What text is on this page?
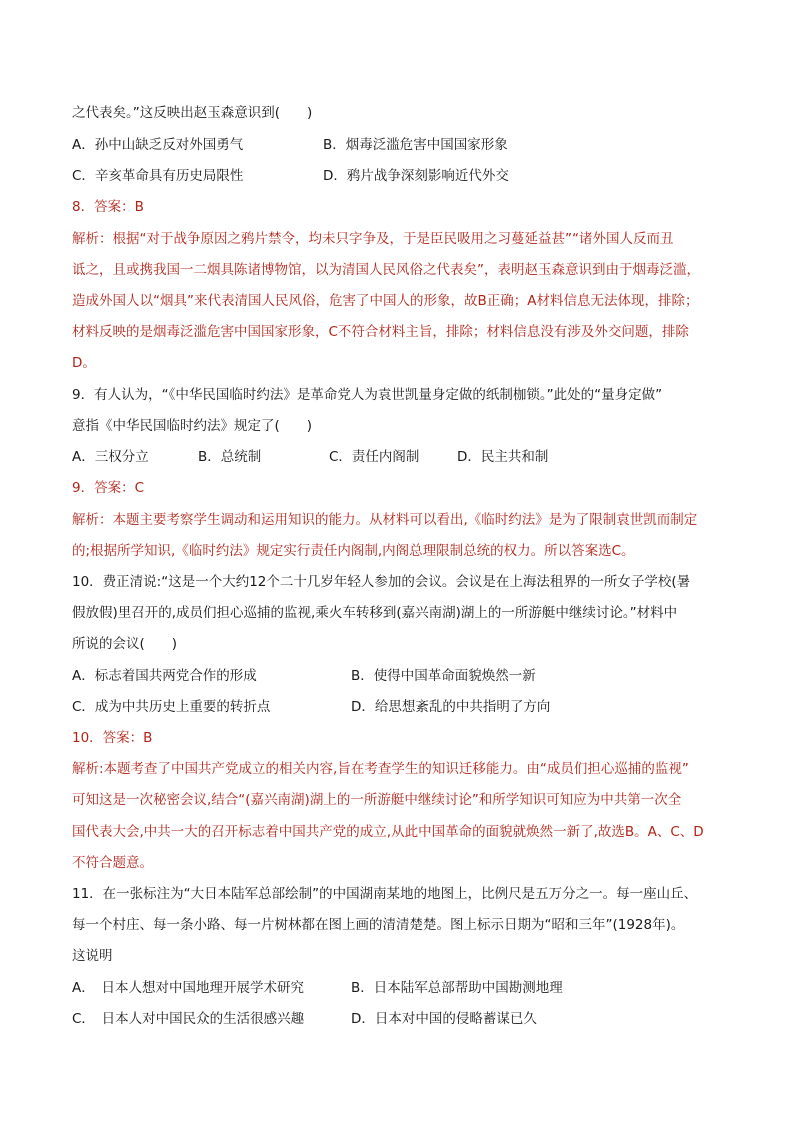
之代表矣。”这反映出赵玉森意识到(　　)
A．孙中山缺乏反对外国勇气	B．烟毒泛滥危害中国国家形象
C．辛亥革命具有历史局限性	D．鸦片战争深刻影响近代外交
8．答案：B
解析：根据“对于战争原因之鸦片禁令，均未只字争及，于是臣民吸用之习蔓延益甚”“诸外国人反而丑
诋之，且或携我国一二烟具陈诸博物馆，以为清国人民风俗之代表矣”，表明赵玉森意识到由于烟毒泛滥，
造成外国人以“烟具”来代表清国人民风俗，危害了中国人的形象，故B正确；A材料信息无法体现，排除；
材料反映的是烟毒泛滥危害中国国家形象，C不符合材料主旨，排除；材料信息没有涉及外交问题，排除
D。
9．有人认为，“《中华民国临时约法》是革命党人为袁世凯量身定做的纸制枷锁。”此处的“量身定做”
意指《中华民国临时约法》规定了(　　)
A．三权分立	B．总统制	C．责任内阁制	D．民主共和制
9．答案：C
解析：本题主要考察学生调动和运用知识的能力。从材料可以看出,《临时约法》是为了限制袁世凯而制定
的;根据所学知识,《临时约法》规定实行责任内阁制,内阁总理限制总统的权力。所以答案选C。
10．费正清说:“这是一个大约12个二十几岁年轻人参加的会议。会议是在上海法租界的一所女子学校(暑
假放假)里召开的,成员们担心巡捕的监视,乘火车转移到(嘉兴南湖)湖上的一所游艇中继续讨论。”材料中
所说的会议(　　)
A．标志着国共两党合作的形成	B．使得中国革命面貌焕然一新
C．成为中共历史上重要的转折点	D．给思想紊乱的中共指明了方向
10．答案：B
解析:本题考查了中国共产党成立的相关内容,旨在考查学生的知识迁移能力。由“成员们担心巡捕的监视”
可知这是一次秘密会议,结合“(嘉兴南湖)湖上的一所游艇中继续讨论”和所学知识可知应为中共第一次全
国代表大会,中共一大的召开标志着中国共产党的成立,从此中国革命的面貌就焕然一新了,故选B。A、C、D
不符合题意。
11．在一张标注为“大日本陆军总部绘制”的中国湖南某地的地图上，比例尺是五万分之一。每一座山丘、
每一个村庄、每一条小路、每一片树林都在图上画的清清楚楚。图上标示日期为“昭和三年”(1928年)。
这说明
A．　日本人想对中国地理开展学术研究	B．日本陆军总部帮助中国勘测地理
C．　日本人对中国民众的生活很感兴趣	D．日本对中国的侵略蓄谋已久
